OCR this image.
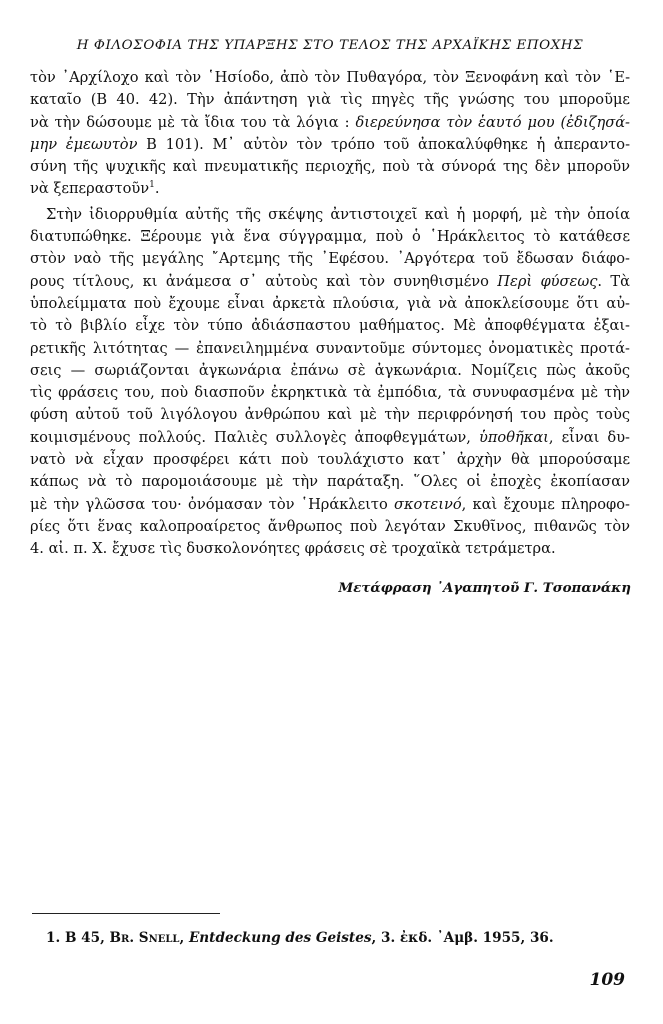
Η ΦΙΛΟΣΟΦΙΑ ΤΗΣ ΥΠΑΡΞΗΣ ΣΤΟ ΤΕΛΟΣ ΤΗΣ ΑΡΧΑΪΚΗΣ ΕΠΟΧΗΣ
τὸν ᾿Αρχίλοχο καὶ τὸν ῾Ησίοδο, ἀπὸ τὸν Πυθαγόρα, τὸν Ξενοφάνη καὶ τὸν ῾Ε-
καταῖο (B 40. 42). Τὴν ἀπάντηση γιὰ τὶς πηγὲς τῆς γνώσης του μποροῦμε
νὰ τὴν δώσουμε μὲ τὰ ἴδια του τὰ λόγια : διερεύνησα τὸν ἑαυτό μου (ἐδιζησά-
μην ἐμεωυτὸν B 101). Μ᾿ αὐτὸν τὸν τρόπο τοῦ ἀποκαλύφθηκε ἡ ἀπεραντο-
σύνη τῆς ψυχικῆς καὶ πνευματικῆς περιοχῆς, ποὺ τὰ σύνορά της δὲν μποροῦν
νὰ ξεπεραστοῦν$^1$.
Στὴν ἰδιορρυθμία αὐτῆς τῆς σκέψης ἀντιστοιχεῖ καὶ ἡ μορφή, μὲ τὴν ὁποία
διατυπώθηκε. Ξέρουμε γιὰ ἕνα σύγγραμμα, ποὺ ὁ ῾Ηράκλειτος τὸ κατάθεσε
στὸν ναὸ τῆς μεγάλης ῎Αρτεμης τῆς ᾿Εφέσου. ᾿Αργότερα τοῦ ἔδωσαν διάφο-
ρους τίτλους, κι ἀνάμεσα σ᾿ αὐτοὺς καὶ τὸν συνηθισμένο Περὶ φύσεως. Τὰ
ὑπολείμματα ποὺ ἔχουμε εἶναι ἀρκετὰ πλούσια, γιὰ νὰ ἀποκλείσουμε ὅτι αὐ-
τὸ τὸ βιβλίο εἶχε τὸν τύπο ἀδιάσπαστου μαθήματος. Μὲ ἀποφθέγματα ἐξαι-
ρετικῆς λιτότητας — ἐπανειλημμένα συναντοῦμε σύντομες ὀνοματικὲς προτά-
σεις — σωριάζονται ἀγκωνάρια ἐπάνω σὲ ἀγκωνάρια. Νομίζεις πὼς ἀκοῦς
τὶς φράσεις του, ποὺ διασποῦν ἐκρηκτικὰ τὰ ἐμπόδια, τὰ συνυφασμένα μὲ τὴν
φύση αὐτοῦ τοῦ λιγόλογου ἀνθρώπου καὶ μὲ τὴν περιφρόνησή του πρὸς τοὺς
κοιμισμένους πολλούς. Παλιὲς συλλογὲς ἀποφθεγμάτων, ὑποθῆκαι, εἶναι δυ-
νατὸ νὰ εἶχαν προσφέρει κάτι ποὺ τουλάχιστο κατ᾿ ἀρχὴν θὰ μπορούσαμε
κάπως νὰ τὸ παρομοιάσουμε μὲ τὴν παράταξη. ῞Ολες οἱ ἐποχὲς ἐκοπίασαν
μὲ τὴν γλῶσσα του· ὀνόμασαν τὸν ῾Ηράκλειτο σκοτεινό, καὶ ἔχουμε πληροφο-
ρίες ὅτι ἕνας καλοπροαίρετος ἄνθρωπος ποὺ λεγόταν Σκυθῖνος, πιθανῶς τὸν
4. αἰ. π. Χ. ἔχυσε τὶς δυσκολονόητες φράσεις σὲ τροχαϊκὰ τετράμετρα.
Μετάφραση ᾿Αγαπητοῦ Γ. Τσοπανάκη
1. B 45, Br. Snell, Entdeckung des Geistes, 3. ἐκδ. ᾿Αμβ. 1955, 36.
109
